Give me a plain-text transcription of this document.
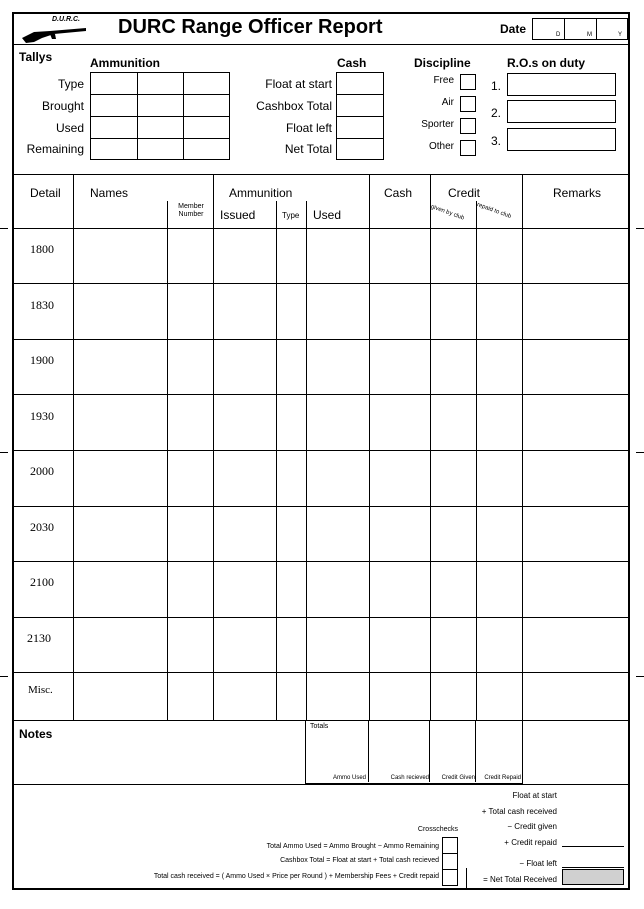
D.U.R.C. DURC Range Officer Report	Date	D	M	Y
Tallys	Ammunition
Type
Brought
Used
Remaining
Cash
Float at start
Cashbox Total
Float left
Net Total
Discipline
Free
Air
Sporter
Other
R.O.s on duty
1.
2.
3.
Detail Names
Member Number
Ammunition
Issued	Type Used
Cash	Credit
given by club repaid to club
Remarks
1800
1830
1900
1930
2000
2030
2100
2130
Misc.
Notes
Totals
Ammo Used	Cash recieved	Credit Given	Credit Repaid
Crosschecks
Total Ammo Used = Ammo Brought − Ammo Remaining
Cashbox Total = Float at start + Total cash recieved
Total cash received = ( Ammo Used × Price per Round ) + Membership Fees + Credit repaid
Float at start
+ Total cash received
− Credit given
+ Credit repaid
− Float left
= Net Total Received
